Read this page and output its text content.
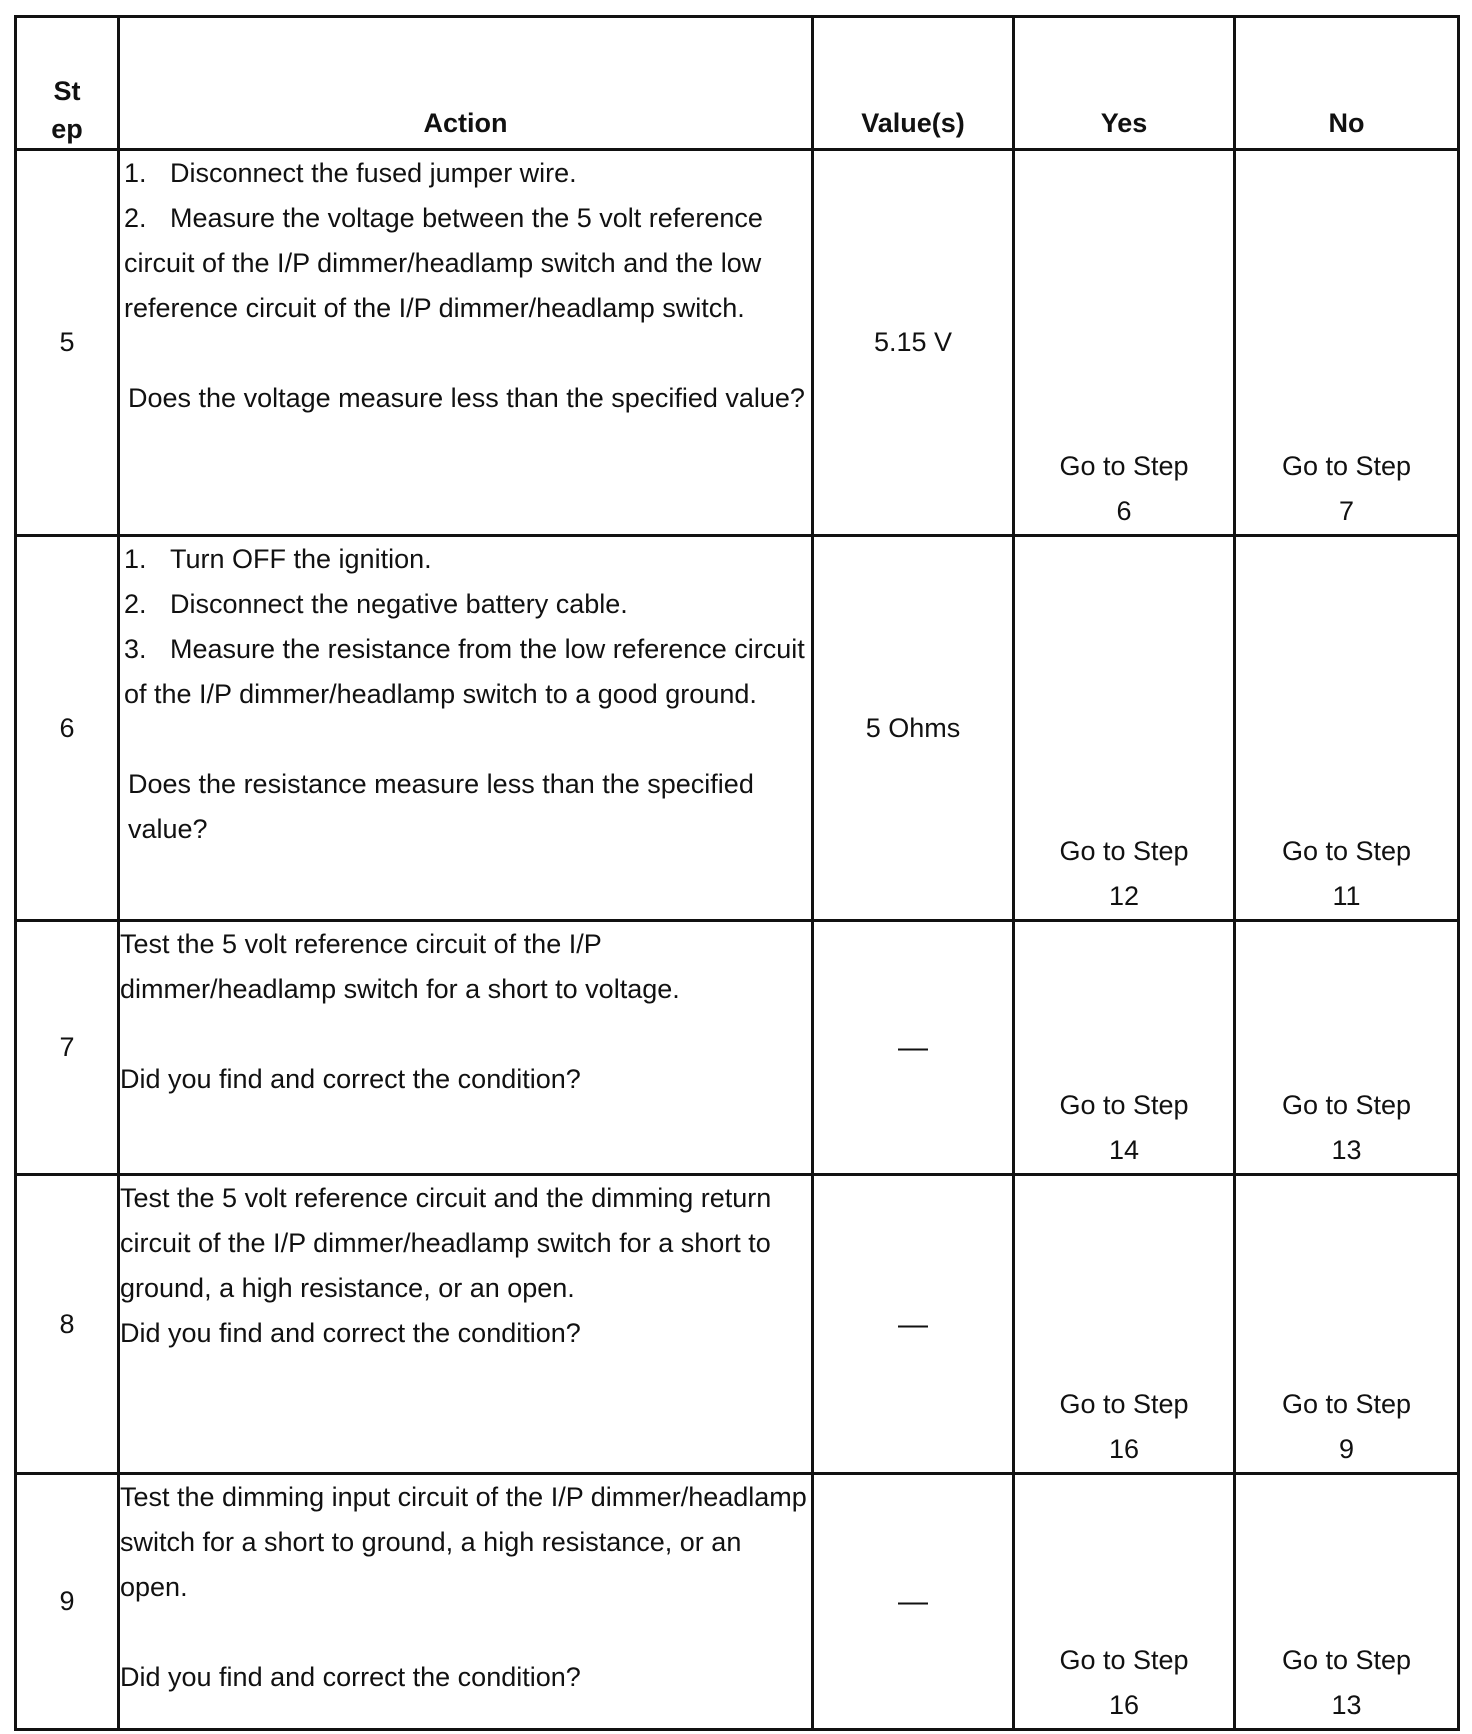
St
ep	Action	Value(s)	Yes	No
5	1. Disconnect the fused jumper wire.
2. Measure the voltage between the 5 volt reference circuit of the I/P dimmer/headlamp switch and the low reference circuit of the I/P dimmer/headlamp switch.
Does the voltage measure less than the specified value?	5.15 V	Go to Step 6	Go to Step 7
6	1. Turn OFF the ignition.
2. Disconnect the negative battery cable.
3. Measure the resistance from the low reference circuit of the I/P dimmer/headlamp switch to a good ground.
Does the resistance measure less than the specified value?	5 Ohms	Go to Step 12	Go to Step 11
7	Test the 5 volt reference circuit of the I/P dimmer/headlamp switch for a short to voltage.
Did you find and correct the condition?	—	Go to Step 14	Go to Step 13
8	Test the 5 volt reference circuit and the dimming return circuit of the I/P dimmer/headlamp switch for a short to ground, a high resistance, or an open.
Did you find and correct the condition?	—	Go to Step 16	Go to Step 9
9	Test the dimming input circuit of the I/P dimmer/headlamp switch for a short to ground, a high resistance, or an open.
Did you find and correct the condition?	—	Go to Step 16	Go to Step 13
